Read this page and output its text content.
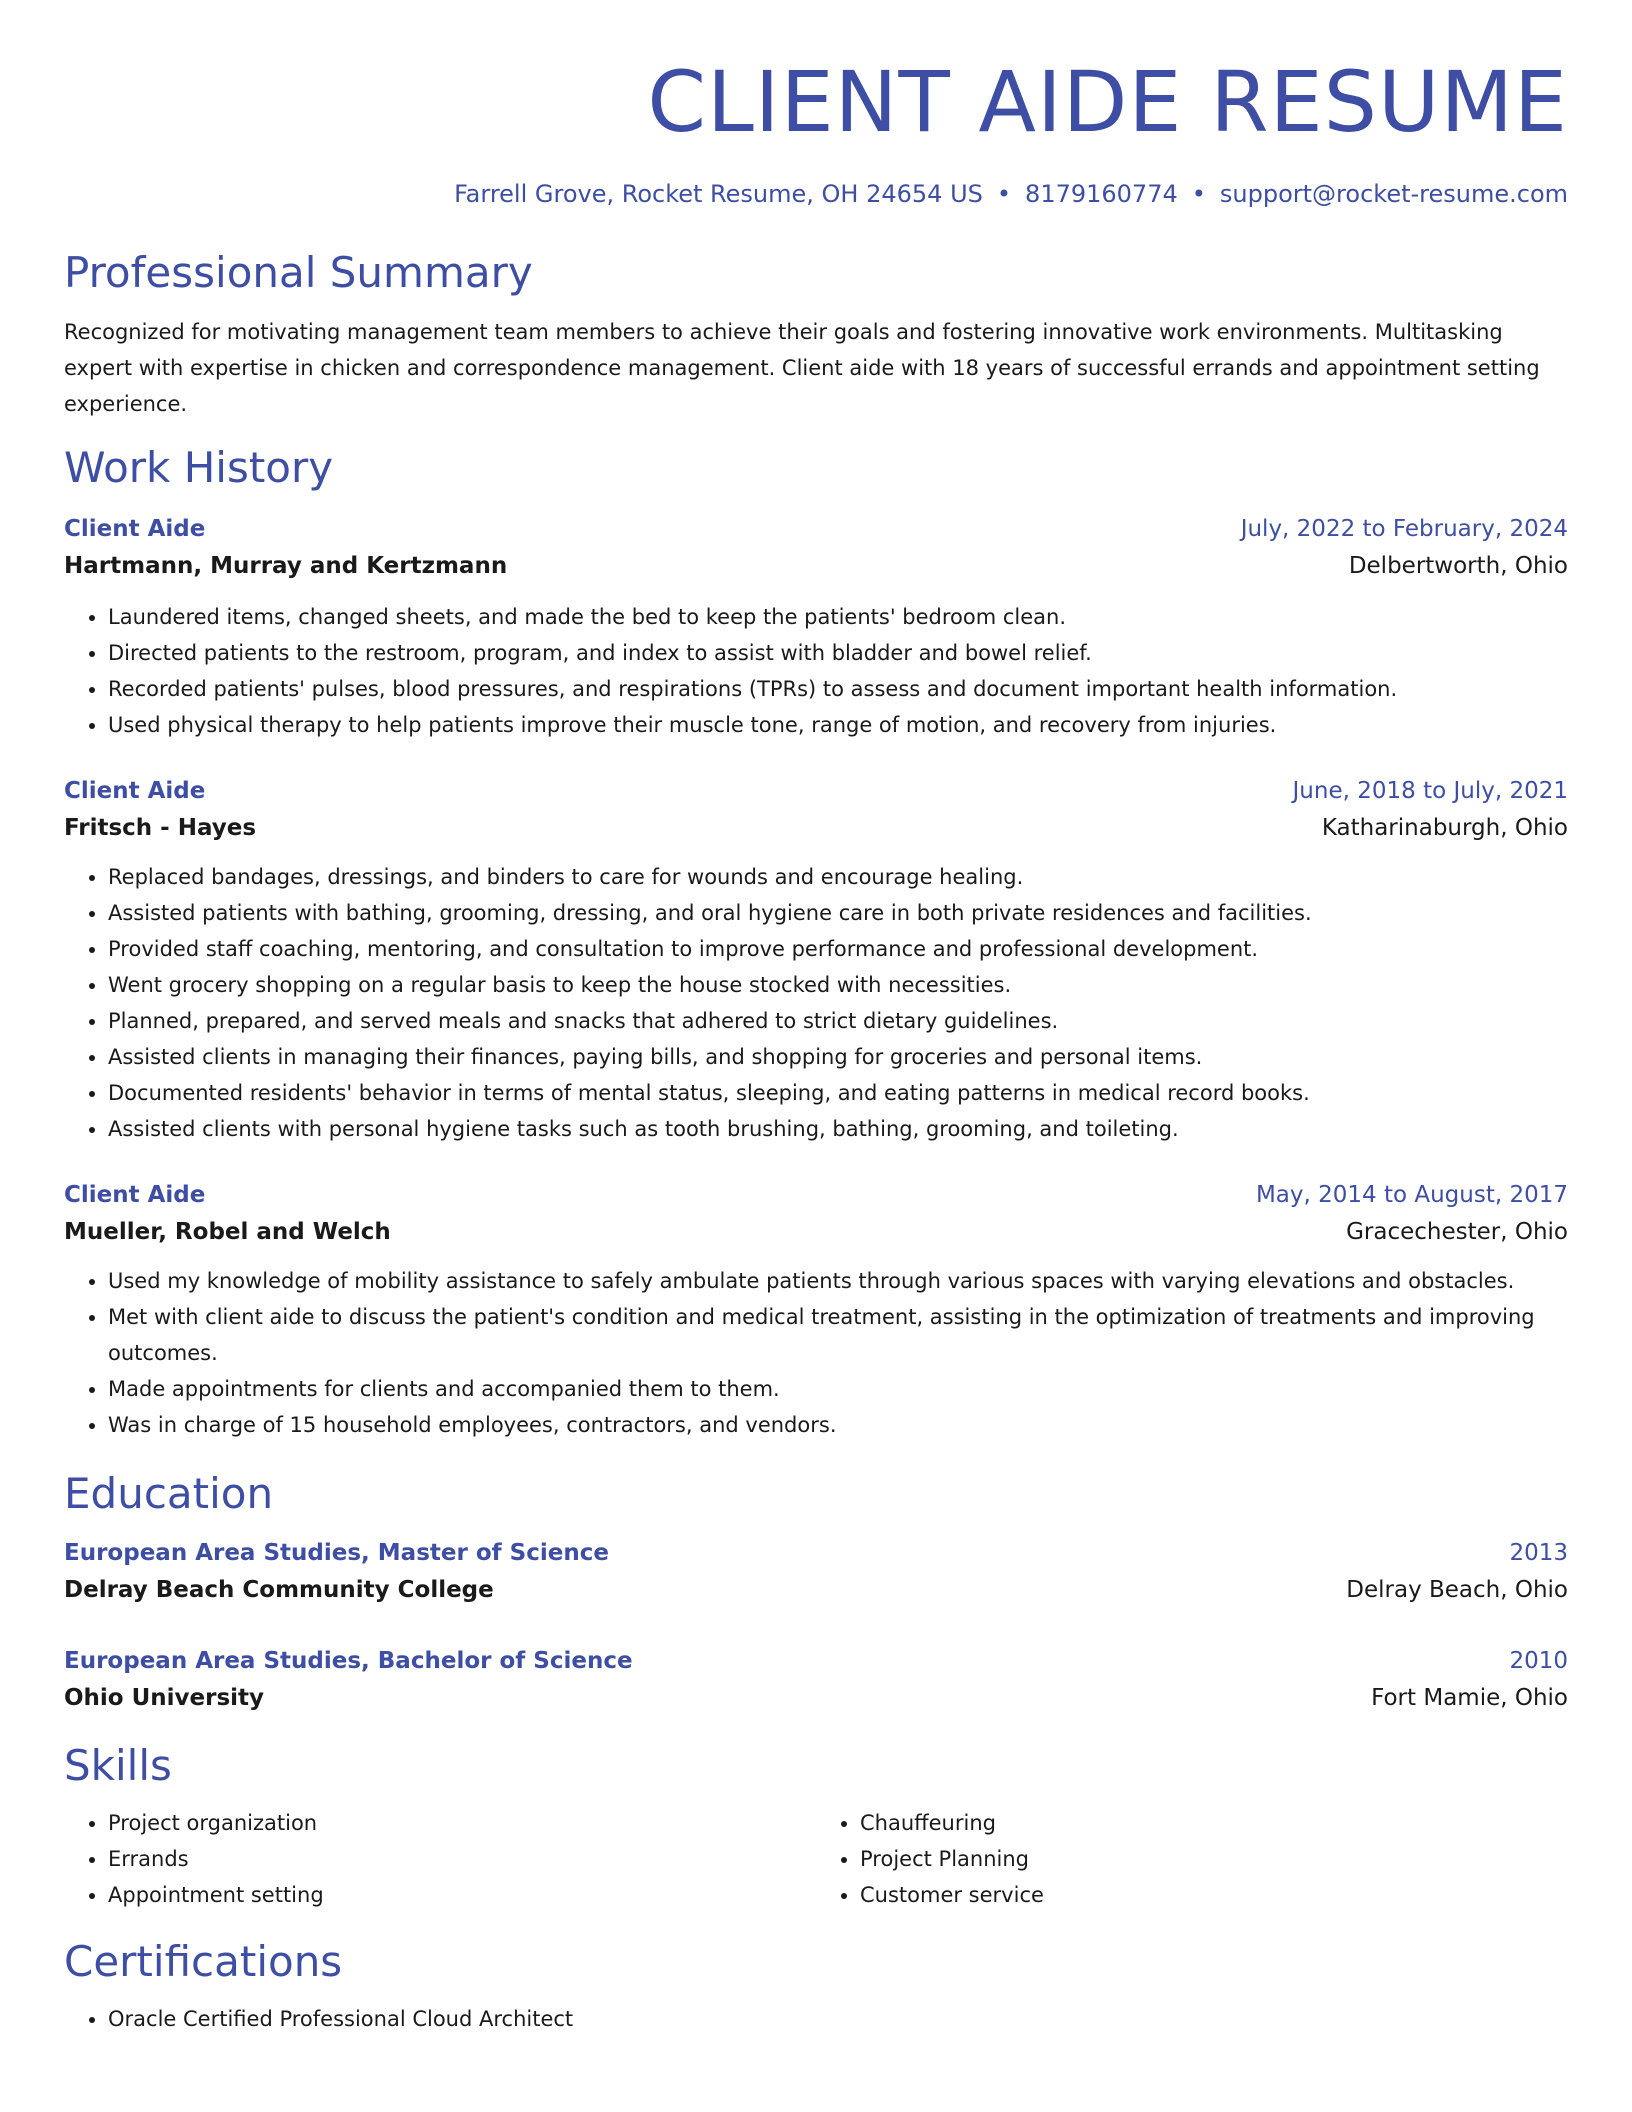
CLIENT AIDE RESUME
Farrell Grove, Rocket Resume, OH 24654 US • 8179160774 • support@rocket-resume.com
Professional Summary

Recognized for motivating management team members to achieve their goals and fostering innovative work environments. Multitasking expert with expertise in chicken and correspondence management. Client aide with 18 years of successful errands and appointment setting experience.

Work History
Client Aide	July, 2022 to February, 2024
Hartmann, Murray and Kertzmann	Delbertworth, Ohio
• Laundered items, changed sheets, and made the bed to keep the patients' bedroom clean.
• Directed patients to the restroom, program, and index to assist with bladder and bowel relief.
• Recorded patients' pulses, blood pressures, and respirations (TPRs) to assess and document important health information.
• Used physical therapy to help patients improve their muscle tone, range of motion, and recovery from injuries.
Client Aide	June, 2018 to July, 2021
Fritsch - Hayes	Katharinaburgh, Ohio
• Replaced bandages, dressings, and binders to care for wounds and encourage healing.
• Assisted patients with bathing, grooming, dressing, and oral hygiene care in both private residences and facilities.
• Provided staff coaching, mentoring, and consultation to improve performance and professional development.
• Went grocery shopping on a regular basis to keep the house stocked with necessities.
• Planned, prepared, and served meals and snacks that adhered to strict dietary guidelines.
• Assisted clients in managing their finances, paying bills, and shopping for groceries and personal items.
• Documented residents' behavior in terms of mental status, sleeping, and eating patterns in medical record books.
• Assisted clients with personal hygiene tasks such as tooth brushing, bathing, grooming, and toileting.
Client Aide	May, 2014 to August, 2017
Mueller, Robel and Welch	Gracechester, Ohio
• Used my knowledge of mobility assistance to safely ambulate patients through various spaces with varying elevations and obstacles.
• Met with client aide to discuss the patient's condition and medical treatment, assisting in the optimization of treatments and improving outcomes.
• Made appointments for clients and accompanied them to them.
• Was in charge of 15 household employees, contractors, and vendors.
Education
European Area Studies, Master of Science	2013
Delray Beach Community College	Delray Beach, Ohio
European Area Studies, Bachelor of Science	2010
Ohio University	Fort Mamie, Ohio
Skills
• Project organization
• Errands
• Appointment setting
• Chauffeuring
• Project Planning
• Customer service
Certifications
• Oracle Certified Professional Cloud Architect
